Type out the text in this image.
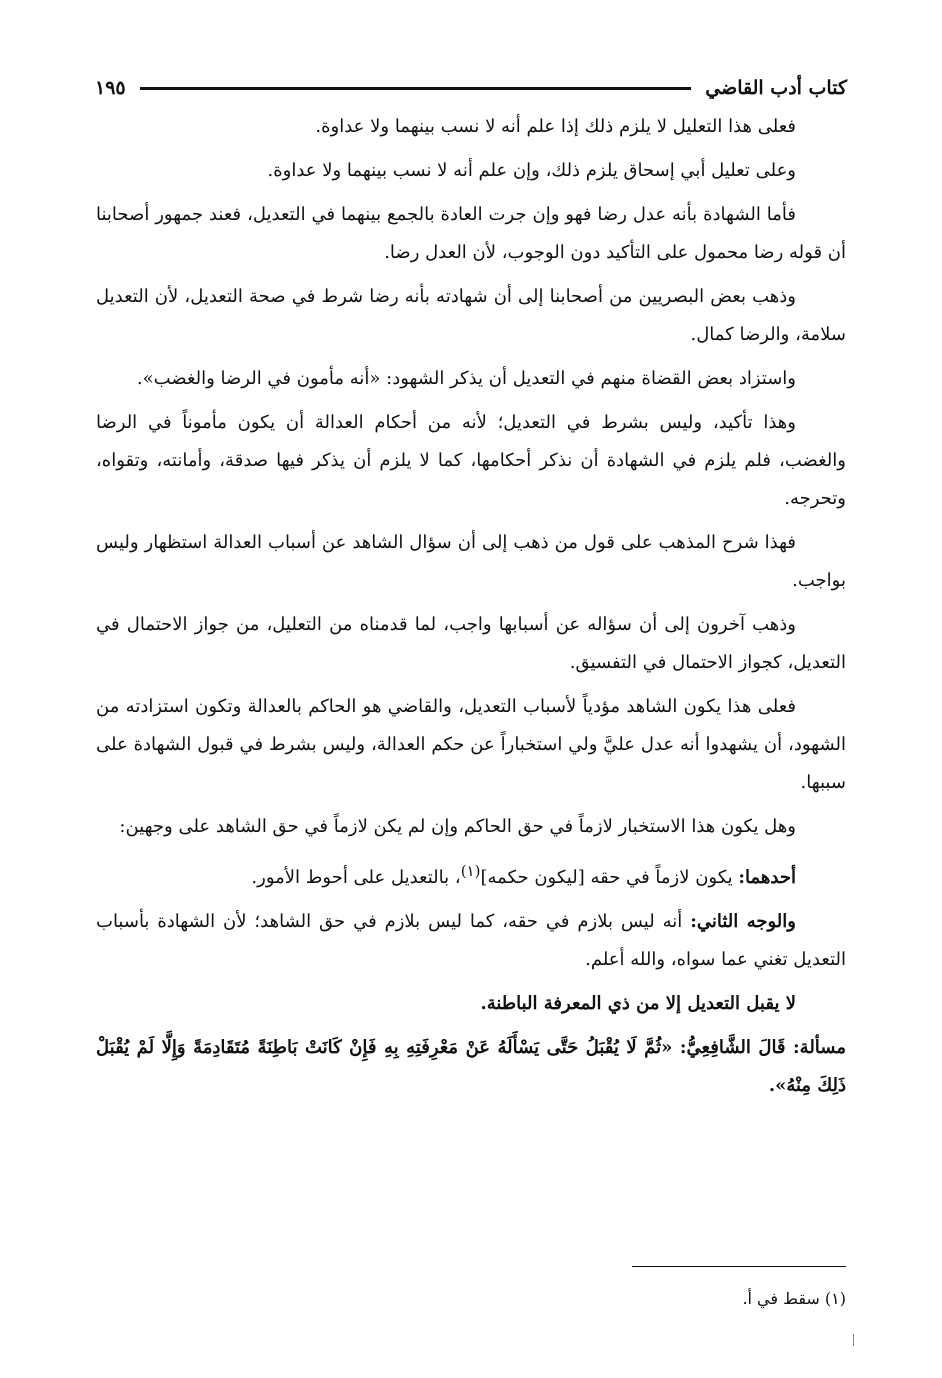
كتاب أدب القاضي
١٩٥

فعلى هذا التعليل لا يلزم ذلك إذا علم أنه لا نسب بينهما ولا عداوة.

وعلى تعليل أبي إسحاق يلزم ذلك، وإن علم أنه لا نسب بينهما ولا عداوة.

فأما الشهادة بأنه عدل رضا فهو وإن جرت العادة بالجمع بينهما في التعديل، فعند جمهور أصحابنا أن قوله رضا محمول على التأكيد دون الوجوب، لأن العدل رضا.

وذهب بعض البصريين من أصحابنا إلى أن شهادته بأنه رضا شرط في صحة التعديل، لأن التعديل سلامة، والرضا كمال.

واستزاد بعض القضاة منهم في التعديل أن يذكر الشهود: «أنه مأمون في الرضا والغضب».

وهذا تأكيد، وليس بشرط في التعديل؛ لأنه من أحكام العدالة أن يكون مأموناً في الرضا والغضب، فلم يلزم في الشهادة أن نذكر أحكامها، كما لا يلزم أن يذكر فيها صدقة، وأمانته، وتقواه، وتحرجه.

فهذا شرح المذهب على قول من ذهب إلى أن سؤال الشاهد عن أسباب العدالة استظهار وليس بواجب.

وذهب آخرون إلى أن سؤاله عن أسبابها واجب، لما قدمناه من التعليل، من جواز الاحتمال في التعديل، كجواز الاحتمال في التفسيق.

فعلى هذا يكون الشاهد مؤدياً لأسباب التعديل، والقاضي هو الحاكم بالعدالة وتكون استزادته من الشهود، أن يشهدوا أنه عدل عليَّ ولي استخباراً عن حكم العدالة، وليس بشرط في قبول الشهادة على سببها.

وهل يكون هذا الاستخبار لازماً في حق الحاكم وإن لم يكن لازماً في حق الشاهد على وجهين:

أحدهما: يكون لازماً في حقه [ليكون حكمه]$^{(١)}$، بالتعديل على أحوط الأمور.

والوجه الثاني: أنه ليس بلازم في حقه، كما ليس بلازم في حق الشاهد؛ لأن الشهادة بأسباب التعديل تغني عما سواه، والله أعلم.

لا يقبل التعديل إلا من ذي المعرفة الباطنة.

مسألة: قَالَ الشَّافِعِيُّ: «ثُمَّ لَا يُقْبَلُ حَتَّى يَسْأَلَهُ عَنْ مَعْرِفَتِهِ بِهِ فَإِنْ كَانَتْ بَاطِنَةً مُتَقَادِمَةً وَإِلَّا لَمْ يُقْبَلْ ذَلِكَ مِنْهُ».

(١) سقط في أ.
